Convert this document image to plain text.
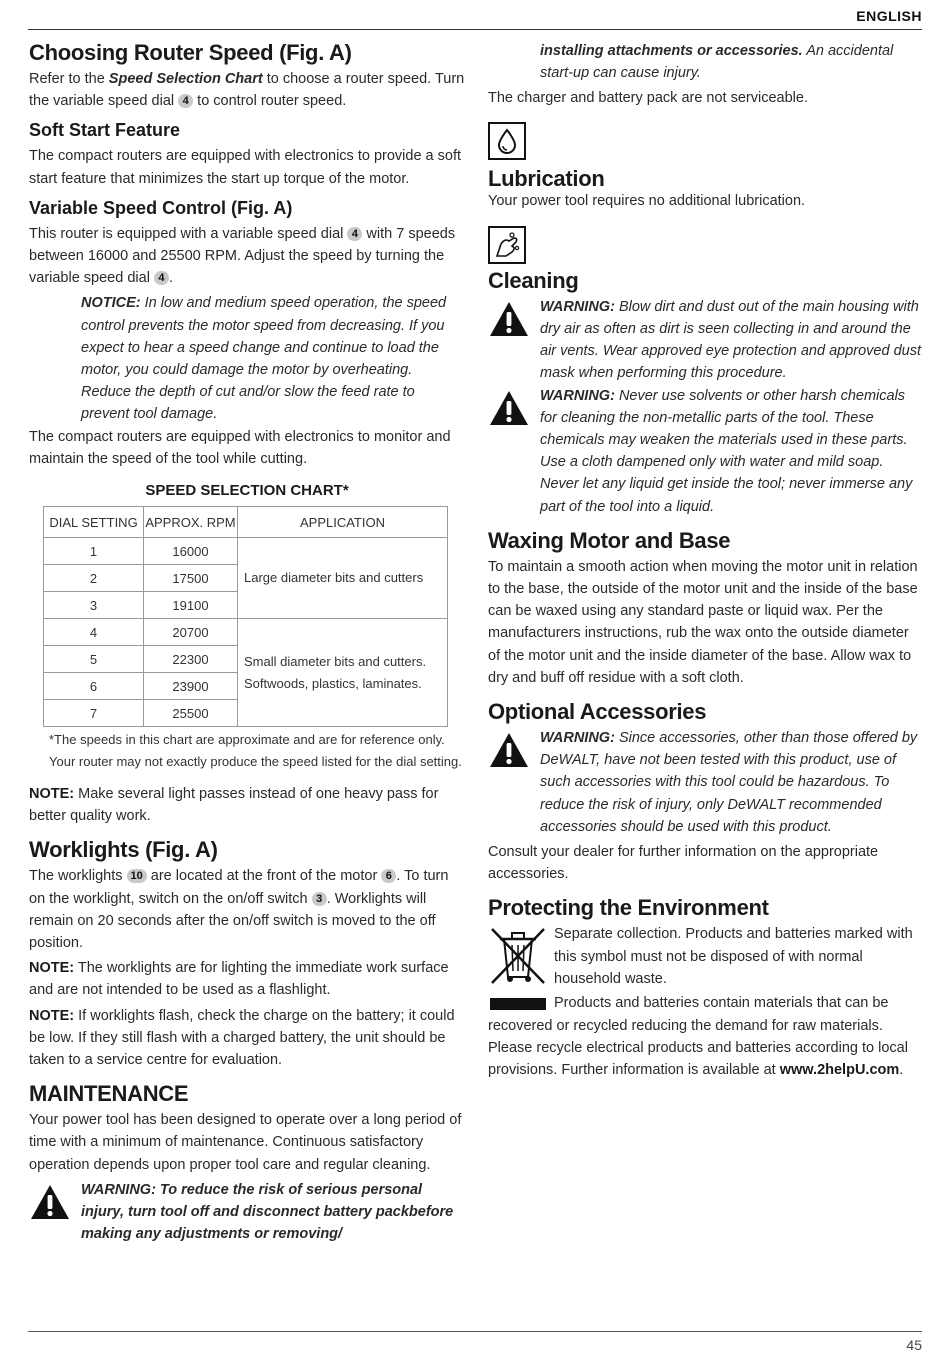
ENGLISH
Choosing Router Speed (Fig. A)

Refer to the Speed Selection Chart to choose a router speed. Turn the variable speed dial 4 to control router speed.

Soft Start Feature

The compact routers are equipped with electronics to provide a soft start feature that minimizes the start up torque of the motor.

Variable Speed Control (Fig. A)

This router is equipped with a variable speed dial 4 with 7 speeds between 16000 and 25500 RPM. Adjust the speed by turning the variable speed dial 4 .

NOTICE: In low and medium speed operation, the speed control prevents the motor speed from decreasing. If you expect to hear a speed change and continue to load the motor, you could damage the motor by overheating. Reduce the depth of cut and/or slow the feed rate to prevent tool damage.

The compact routers are equipped with electronics to monitor and maintain the speed of the tool while cutting.

SPEED SELECTION CHART*
DIAL SETTING	APPROX. RPM	APPLICATION
1	16000	Large diameter bits and cutters
2	17500	
3	19100	
4	20700	Small diameter bits and cutters.
Softwoods, plastics, laminates.

5	22300	
6	23900	
7	25500	
*The speeds in this chart are approximate and are for reference only. Your router may not exactly produce the speed listed for the dial setting.

NOTE: Make several light passes instead of one heavy pass for better quality work.

Worklights (Fig. A)

The worklights 10 are located at the front of the motor 6 . To turn on the worklight, switch on the on/off switch 3 . Worklights will remain on 20 seconds after the on/off switch is moved to the off position.

NOTE: The worklights are for lighting the immediate work surface and are not intended to be used as a flashlight.

NOTE: If worklights flash, check the charge on the battery; it could be low. If they still flash with a charged battery, the unit should be taken to a service centre for evaluation.

MAINTENANCE

Your power tool has been designed to operate over a long period of time with a minimum of maintenance. Continuous satisfactory operation depends upon proper tool care and regular cleaning.

WARNING: To reduce the risk of serious personal injury, turn tool off and disconnect battery packbefore making any adjustments or removing/

installing attachments or accessories. An accidental start-up can cause injury.

The charger and battery pack are not serviceable.

Lubrication

Your power tool requires no additional lubrication.

Cleaning

WARNING: Blow dirt and dust out of the main housing with dry air as often as dirt is seen collecting in and around the air vents. Wear approved eye protection and approved dust mask when performing this procedure.

WARNING: Never use solvents or other harsh chemicals for cleaning the non-metallic parts of the tool. These chemicals may weaken the materials used in these parts. Use a cloth dampened only with water and mild soap. Never let any liquid get inside the tool; never immerse any part of the tool into a liquid.

Waxing Motor and Base

To maintain a smooth action when moving the motor unit in relation to the base, the outside of the motor unit and the inside of the base can be waxed using any standard paste or liquid wax. Per the manufacturers instructions, rub the wax onto the outside diameter of the motor unit and the inside diameter of the base. Allow wax to dry and buff off residue with a soft cloth.

Optional Accessories

WARNING: Since accessories, other than those offered by DeWALT, have not been tested with this product, use of such accessories with this tool could be hazardous. To reduce the risk of injury, only DeWALT recommended accessories should be used with this product.

Consult your dealer for further information on the appropriate accessories.

Protecting the Environment

Separate collection. Products and batteries marked with this symbol must not be disposed of with normal household waste.

Products and batteries contain materials that can be recovered or recycled reducing the demand for raw materials. Please recycle electrical products and batteries according to local provisions. Further information is available at www.2helpU.com.

45
